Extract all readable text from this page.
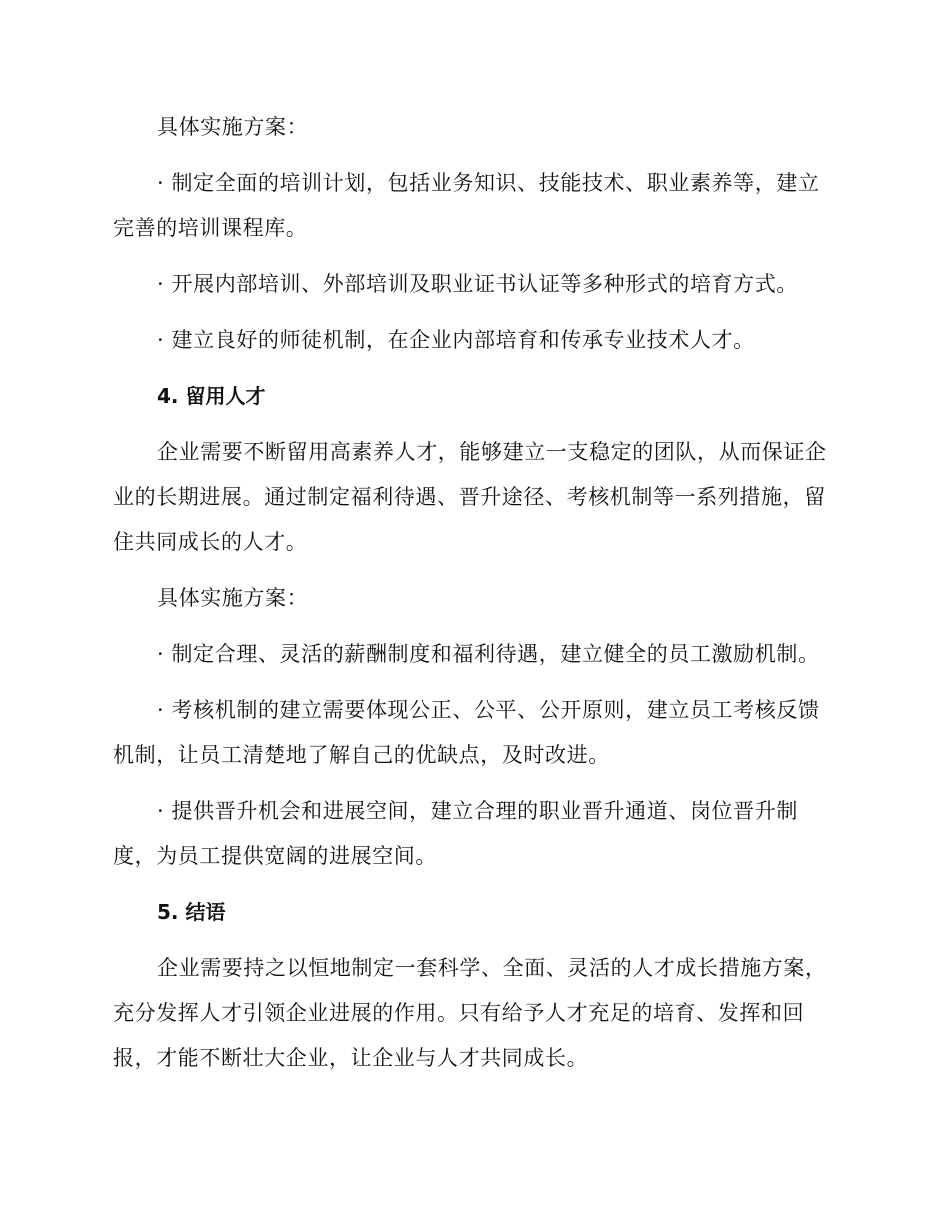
具体实施方案：

· 制定全面的培训计划，包括业务知识、技能技术、职业素养等，建立完善的培训课程库。

· 开展内部培训、外部培训及职业证书认证等多种形式的培育方式。

· 建立良好的师徒机制，在企业内部培育和传承专业技术人才。

4. 留用人才

企业需要不断留用高素养人才，能够建立一支稳定的团队，从而保证企业的长期进展。通过制定福利待遇、晋升途径、考核机制等一系列措施，留住共同成长的人才。

具体实施方案：

· 制定合理、灵活的薪酬制度和福利待遇，建立健全的员工激励机制。

· 考核机制的建立需要体现公正、公平、公开原则，建立员工考核反馈机制，让员工清楚地了解自己的优缺点，及时改进。

· 提供晋升机会和进展空间，建立合理的职业晋升通道、岗位晋升制度，为员工提供宽阔的进展空间。

5. 结语

企业需要持之以恒地制定一套科学、全面、灵活的人才成长措施方案，充分发挥人才引领企业进展的作用。只有给予人才充足的培育、发挥和回报，才能不断壮大企业，让企业与人才共同成长。
